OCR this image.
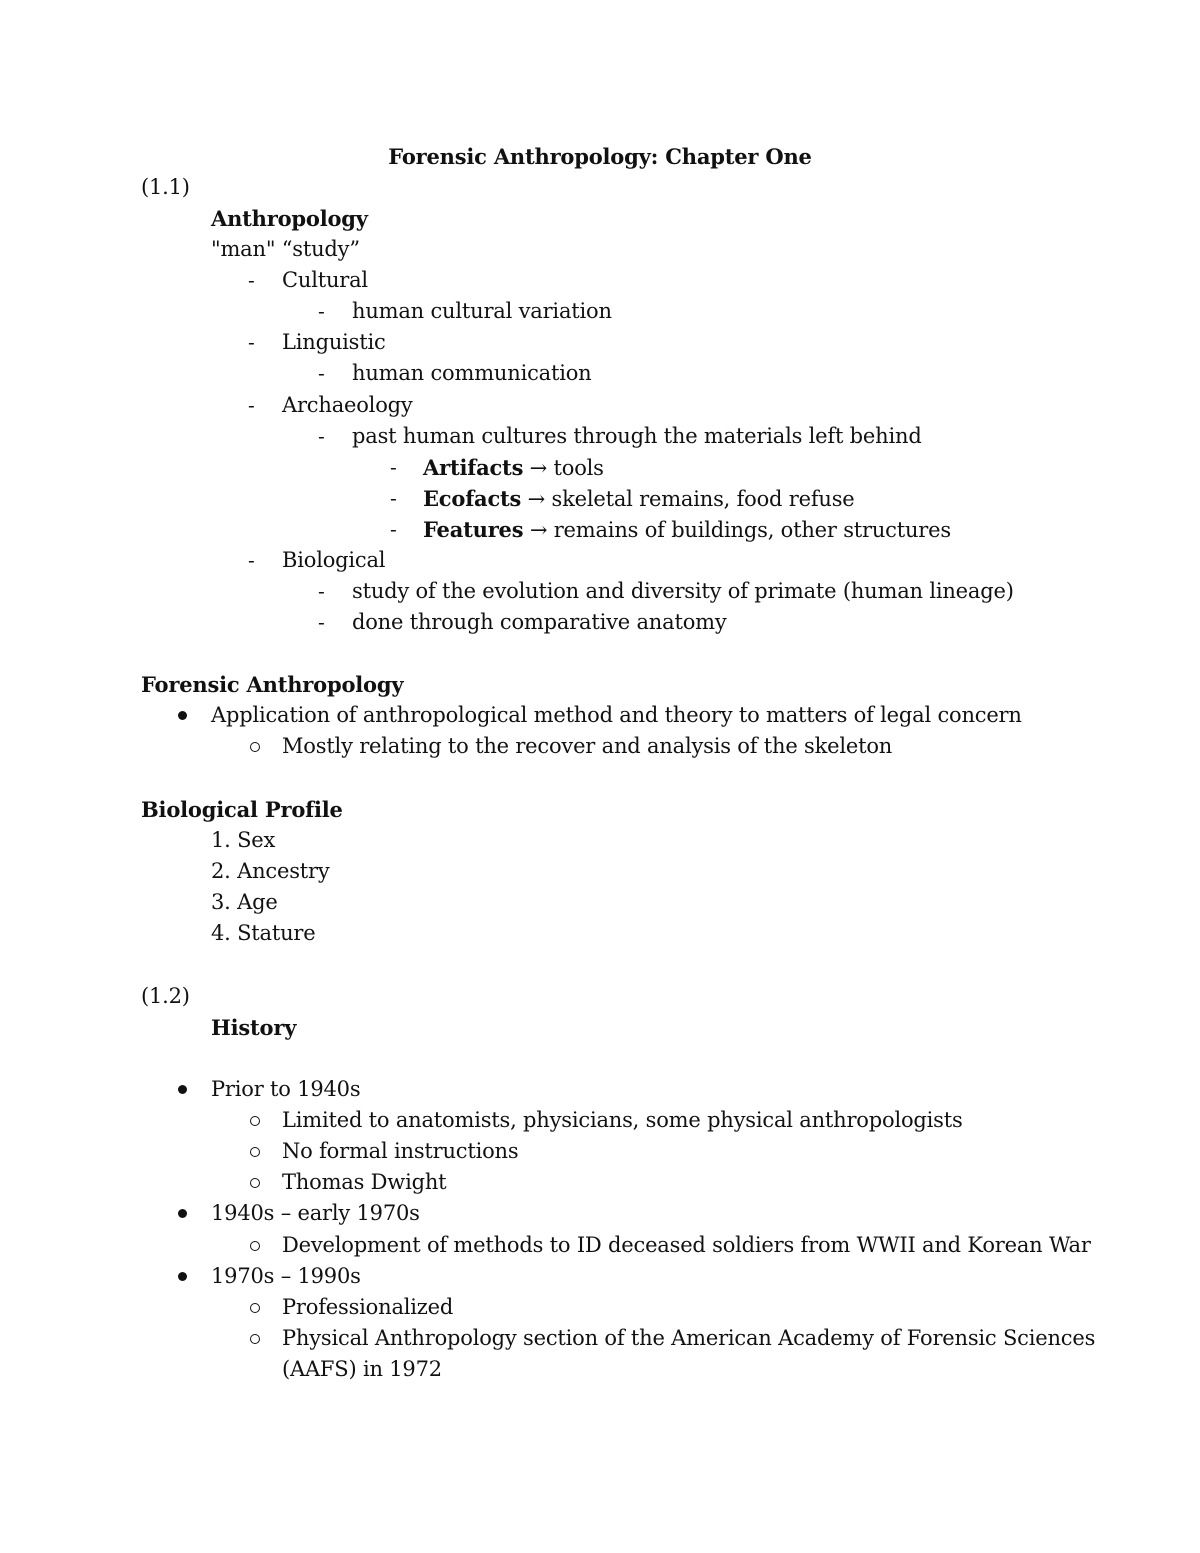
Forensic Anthropology: Chapter One
(1.1)
Anthropology
"man" “study”
- Cultural
- human cultural variation
- Linguistic
- human communication
- Archaeology
- past human cultures through the materials left behind
- Artifacts → tools
- Ecofacts → skeletal remains, food refuse
- Features → remains of buildings, other structures
- Biological
- study of the evolution and diversity of primate (human lineage)
- done through comparative anatomy
Forensic Anthropology
Application of anthropological method and theory to matters of legal concern
Mostly relating to the recover and analysis of the skeleton
Biological Profile
1. Sex
2. Ancestry
3. Age
4. Stature
(1.2)
History
Prior to 1940s
Limited to anatomists, physicians, some physical anthropologists
No formal instructions
Thomas Dwight
1940s – early 1970s
Development of methods to ID deceased soldiers from WWII and Korean War
1970s – 1990s
Professionalized
Physical Anthropology section of the American Academy of Forensic Sciences
(AAFS) in 1972
